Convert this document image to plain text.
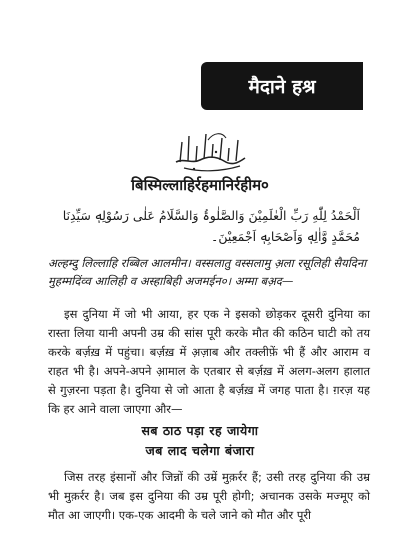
मैदाने हश्र
बिस्मिल्लाहिर्रहमानिर्रहीम०
اَلْحَمْدُ لِلّٰهِ رَبِّ الْعٰلَمِیْنَ وَالصَّلٰوۃُ وَالسَّلَامُ عَلٰی رَسُوْلِهٖ سَیِّدِنَا مُحَمَّدٍ وَّاٰلِهٖ وَاَصْحَابِهٖ اَجْمَعِیْنَ۔
अल्हम्दु लिल्लाहि रब्बिल आलमीन। वस्सलातु वस्सलामु अ़ला रसूलिही सैयदिना मुहम्मदिंव्व आलिही व अस्हाबिही अजमईन०। अम्मा बअ़द—
इस दुनिया में जो भी आया, हर एक ने इसको छोड़कर दूसरी दुनिया का रास्ता लिया यानी अपनी उम्र की सांस पूरी करके मौत की कठिन घाटी को तय करके बर्ज़ख़ में पहुंचा। बर्ज़ख़ में अ़ज़ाब और तक्लीफ़ें भी हैं और आराम व राहत भी है। अपने-अपने आ़माल के एतबार से बर्ज़ख़ में अलग-अलग हालात से गुज़रना पड़ता है। दुनिया से जो आता है बर्ज़ख़ में जगह पाता है। ग़रज़ यह कि हर आने वाला जाएगा और—
सब ठाठ पड़ा रह जायेगा
जब लाद चलेगा बंजारा
जिस तरह इंसानों और जिन्नों की उम्रें मुक़र्रर हैं; उसी तरह दुनिया की उम्र भी मुक़र्रर है। जब इस दुनिया की उम्र पूरी होगी; अचानक उसके मज्मूए को मौत आ जाएगी। एक-एक आदमी के चले जाने को मौत और पूरी
